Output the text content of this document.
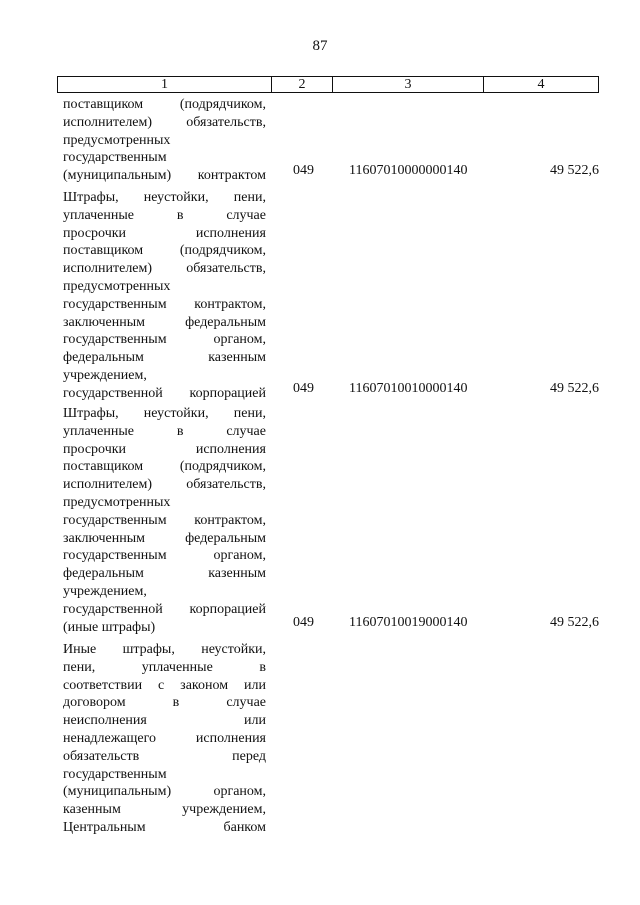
87
1	2	3	4
поставщиком (подрядчиком,
исполнителем) обязательств,
предусмотренных
государственным
(муниципальным) контрактом 049	11607010000000140	49 522,6
Штрафы, неустойки, пени,
уплаченные в случае
просрочки исполнения
поставщиком (подрядчиком,
исполнителем) обязательств,
предусмотренных
государственным контрактом,
заключенным федеральным
государственным органом,
федеральным казенным
учреждением,
государственной корпорацией 049	11607010010000140	49 522,6
Штрафы, неустойки, пени,
уплаченные в случае
просрочки исполнения
поставщиком (подрядчиком,
исполнителем) обязательств,
предусмотренных
государственным контрактом,
заключенным федеральным
государственным органом,
федеральным казенным
учреждением,
государственной корпорацией
(иные штрафы)	049	11607010019000140	49 522,6
Иные штрафы, неустойки,
пени, уплаченные в
соответствии с законом или
договором в случае
неисполнения или
ненадлежащего исполнения
обязательств перед
государственным
(муниципальным) органом,
казенным учреждением,
Центральным банком
